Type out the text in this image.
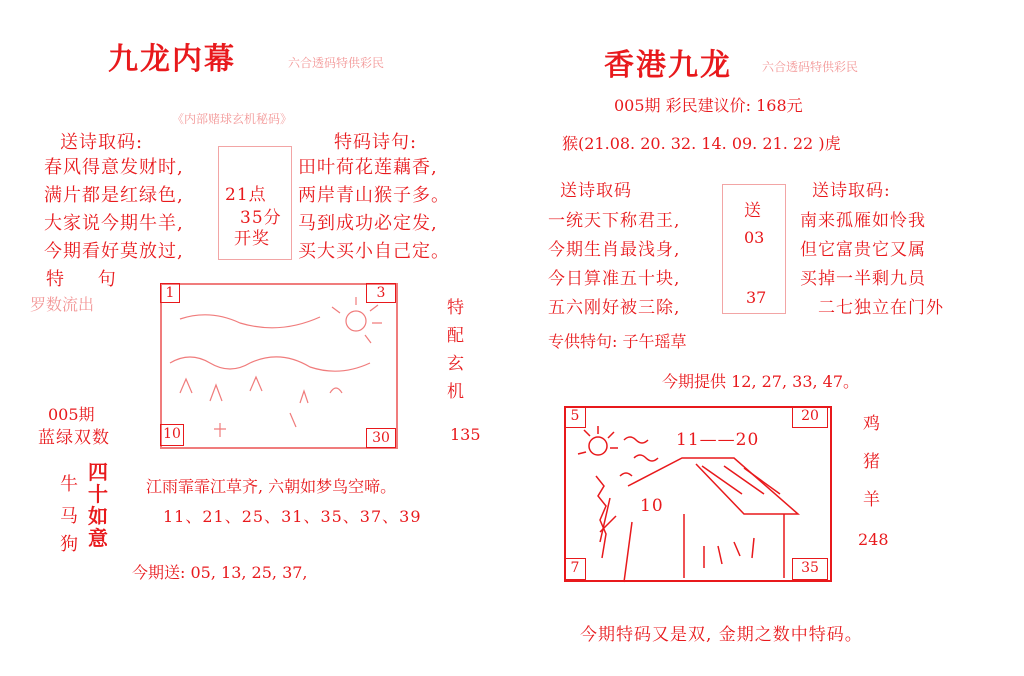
九龙内幕	六合透码特供彩民
《内部赌球玄机秘码》
送诗取码:
春风得意发财时,
满片都是红绿色,
大家说今期牛羊,
今期看好莫放过,
21点
35分
开奖
特码诗句:
田叶荷花莲藕香,
两岸青山猴子多。
马到成功必定发,
买大买小自己定。
特 句
罗数流出
1	3
10	30
特
配
玄
机
005期
蓝绿双数	135
牛
马
狗
四
十
如
意
江雨霏霏江草齐, 六朝如梦鸟空啼。
11、21、25、31、35、37、39
今期送: 05, 13, 25, 37,
香港九龙	六合透码特供彩民
005期 彩民建议价: 168元
猴(21.08. 20. 32. 14. 09. 21. 22 )虎
送诗取码
一统天下称君王,
今期生肖最浅身,
今日算准五十块,
五六刚好被三除,
送
03
37
送诗取码:
南来孤雁如怜我
但它富贵它又属
买掉一半剩九员
二七独立在门外
专供特句: 子午瑶草
今期提供 12, 27, 33, 47。
5	20
7	35
11——20
10
鸡
猪
羊
248
今期特码又是双, 金期之数中特码。
